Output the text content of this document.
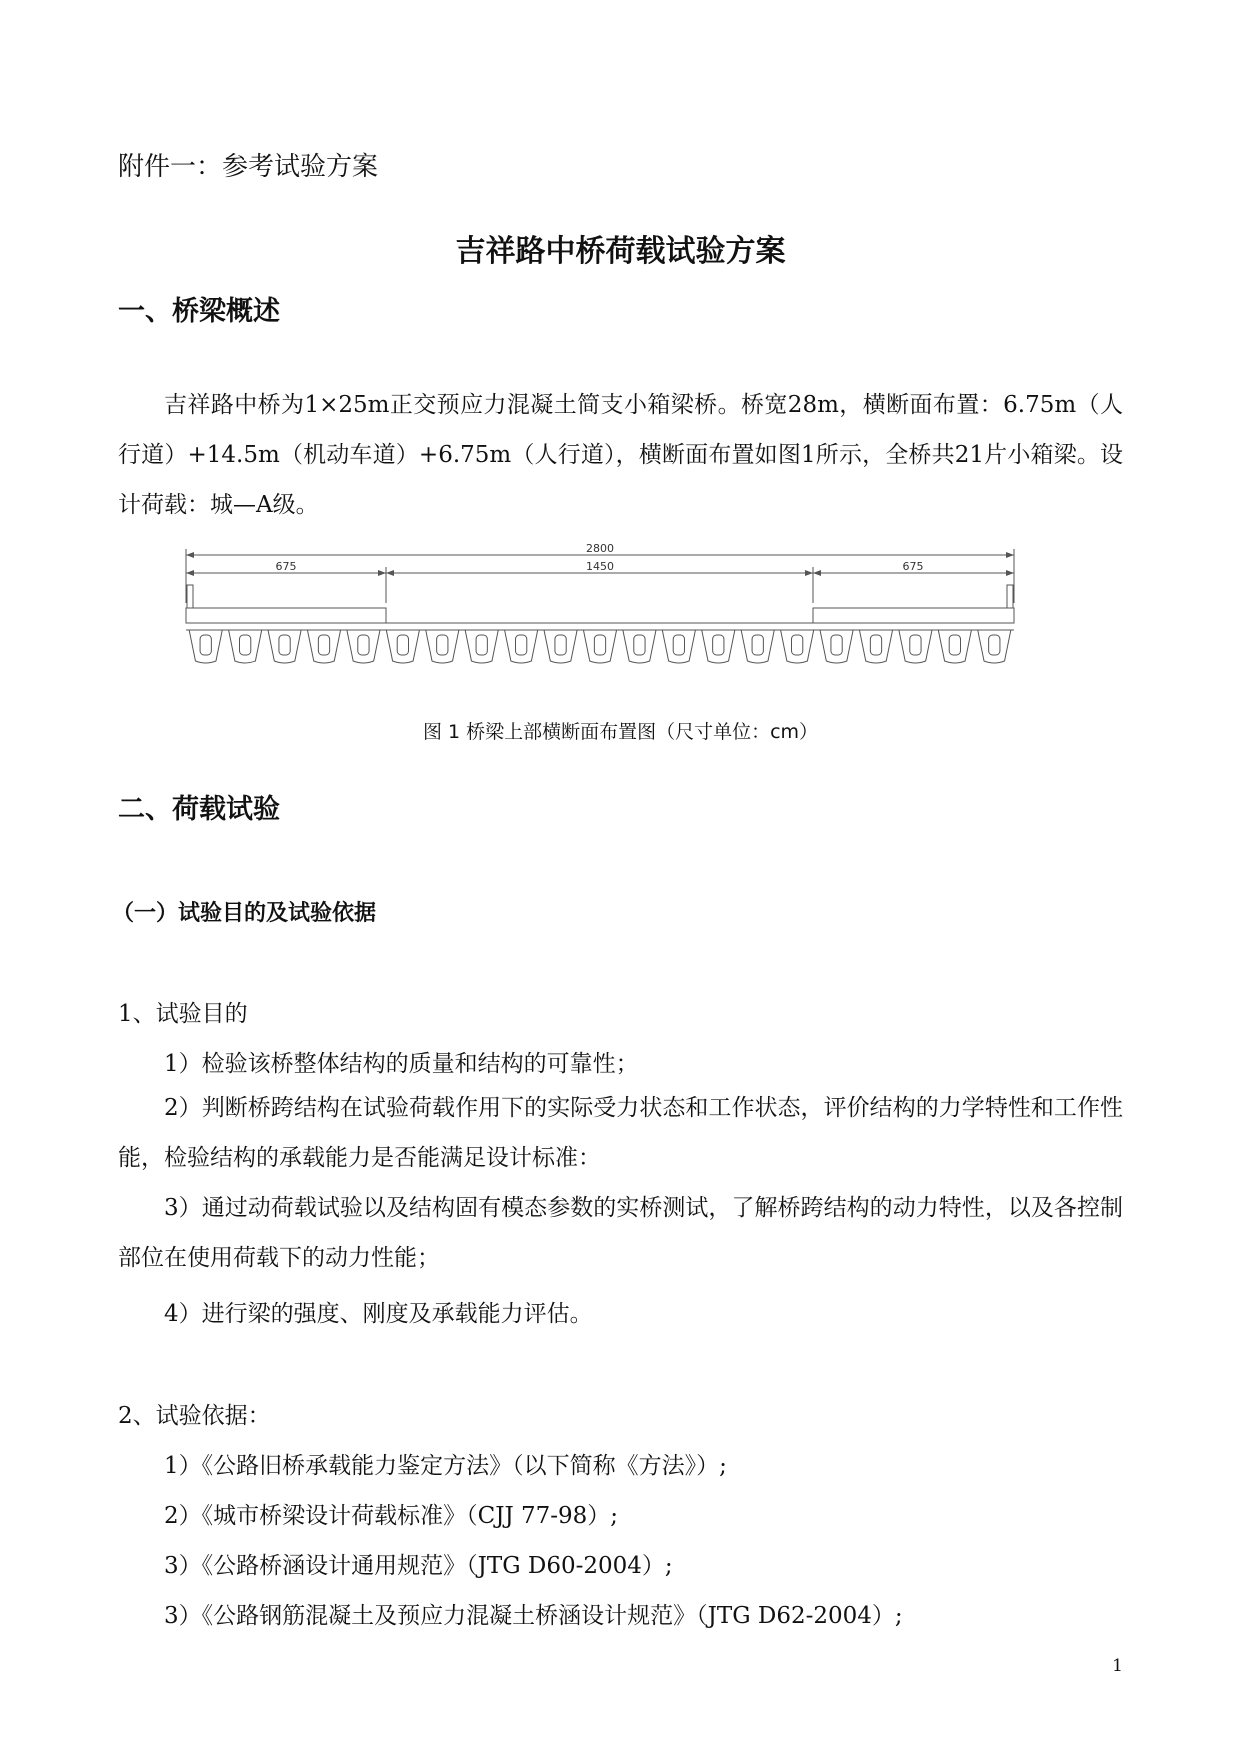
附件一：参考试验方案
吉祥路中桥荷载试验方案
一、桥梁概述
吉祥路中桥为1×25m正交预应力混凝土简支小箱梁桥。桥宽28m，横断面布置：6.75m（人行道）+14.5m（机动车道）+6.75m（人行道），横断面布置如图1所示，全桥共21片小箱梁。设计荷载：城—A级。
2800
675	1450	675
图 1 桥梁上部横断面布置图（尺寸单位：cm）
二、荷载试验
（一）试验目的及试验依据
1、试验目的
1）检验该桥整体结构的质量和结构的可靠性；
2）判断桥跨结构在试验荷载作用下的实际受力状态和工作状态，评价结构的力学特性和工作性能，检验结构的承载能力是否能满足设计标准：
3）通过动荷载试验以及结构固有模态参数的实桥测试，了解桥跨结构的动力特性，以及各控制部位在使用荷载下的动力性能；
4）进行梁的强度、刚度及承载能力评估。
2、试验依据：
1）《公路旧桥承载能力鉴定方法》（以下简称《方法》）;
2）《城市桥梁设计荷载标准》（CJJ 77-98）;
3）《公路桥涵设计通用规范》（JTG D60-2004）;
3）《公路钢筋混凝土及预应力混凝土桥涵设计规范》（JTG D62-2004）;
1
